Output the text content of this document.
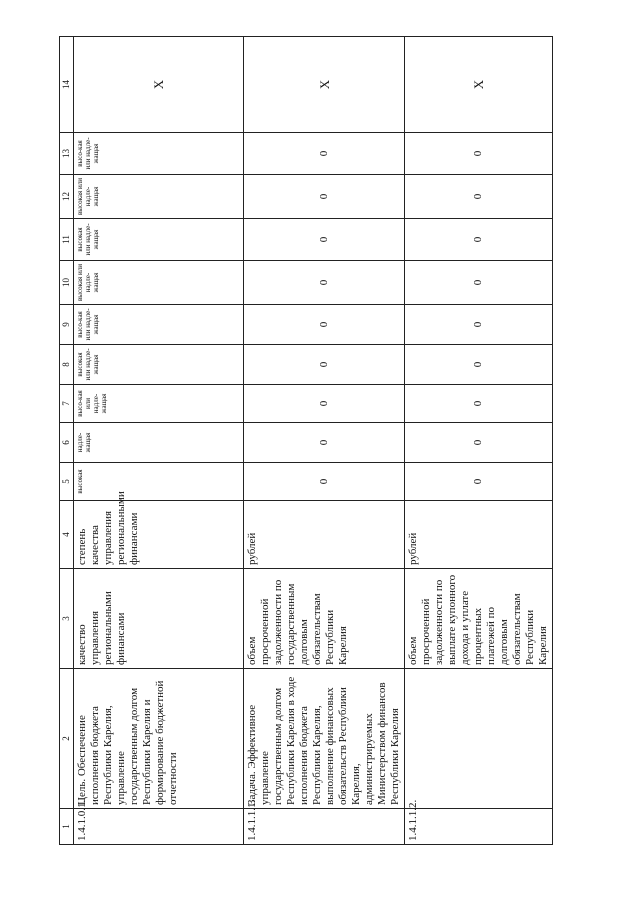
1	2	3	4	5	6	7	8	9	10	11	12	13	14
1.4.1.0.1.	Цель. Обеспечение исполнения бюджета Республики Карелия, управление государственным долгом Республики Карелия и формирование бюджетной отчетности	качество управления региональными финансами	степень качества управления региональными финансами	высокая	надле-жащая	высо-кая или надле-жащая	высокая или надле-жащая	высо-кая или надле-жащая	высокая или надле-жащая	высокая или надле-жащая	высокая или надле-жащая	высо-кая или надле-жащая	Х
1.4.1.1.1.	Задача. Эффективное управление государственным долгом Республики Карелия в ходе исполнения бюджета Республики Карелия, выполнение финансовых обязательств Республики Карелия, администрируемых Министерством финансов Республики Карелия	объем просроченной задолженности по государственным долговым обязательствам Республики Карелия	рублей	0	0	0	0	0	0	0	0	0	Х
1.4.1.1.2.		объем просроченной задолженности по выплате купонного дохода и уплате процентных платежей по долговым обязательствам Республики Карелия	рублей	0	0	0	0	0	0	0	0	0	Х
